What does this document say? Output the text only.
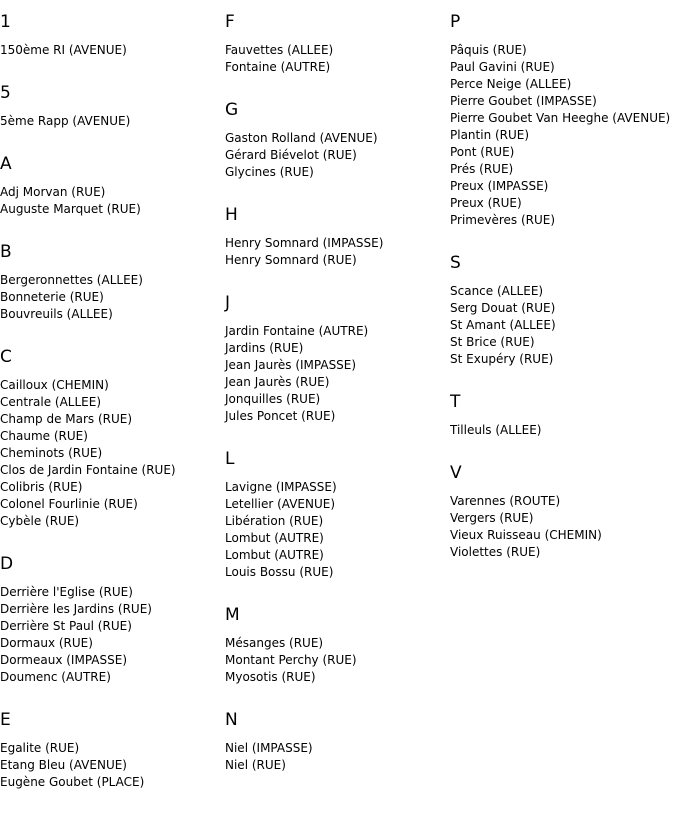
1
150ème RI (AVENUE)
5
5ème Rapp (AVENUE)
A
Adj Morvan (RUE)
Auguste Marquet (RUE)
B
Bergeronnettes (ALLEE)
Bonneterie (RUE)
Bouvreuils (ALLEE)
C
Cailloux (CHEMIN)
Centrale (ALLEE)
Champ de Mars (RUE)
Chaume (RUE)
Cheminots (RUE)
Clos de Jardin Fontaine (RUE)
Colibris (RUE)
Colonel Fourlinie (RUE)
Cybèle (RUE)
D
Derrière l'Eglise (RUE)
Derrière les Jardins (RUE)
Derrière St Paul (RUE)
Dormaux (RUE)
Dormeaux (IMPASSE)
Doumenc (AUTRE)
E
Egalite (RUE)
Etang Bleu (AVENUE)
Eugène Goubet (PLACE)
F
Fauvettes (ALLEE)
Fontaine (AUTRE)
G
Gaston Rolland (AVENUE)
Gérard Biévelot (RUE)
Glycines (RUE)
H
Henry Somnard (IMPASSE)
Henry Somnard (RUE)
J
Jardin Fontaine (AUTRE)
Jardins (RUE)
Jean Jaurès (IMPASSE)
Jean Jaurès (RUE)
Jonquilles (RUE)
Jules Poncet (RUE)
L
Lavigne (IMPASSE)
Letellier (AVENUE)
Libération (RUE)
Lombut (AUTRE)
Lombut (AUTRE)
Louis Bossu (RUE)
M
Mésanges (RUE)
Montant Perchy (RUE)
Myosotis (RUE)
N
Niel (IMPASSE)
Niel (RUE)
P
Pâquis (RUE)
Paul Gavini (RUE)
Perce Neige (ALLEE)
Pierre Goubet (IMPASSE)
Pierre Goubet Van Heeghe (AVENUE)
Plantin (RUE)
Pont (RUE)
Prés (RUE)
Preux (IMPASSE)
Preux (RUE)
Primevères (RUE)
S
Scance (ALLEE)
Serg Douat (RUE)
St Amant (ALLEE)
St Brice (RUE)
St Exupéry (RUE)
T
Tilleuls (ALLEE)
V
Varennes (ROUTE)
Vergers (RUE)
Vieux Ruisseau (CHEMIN)
Violettes (RUE)
